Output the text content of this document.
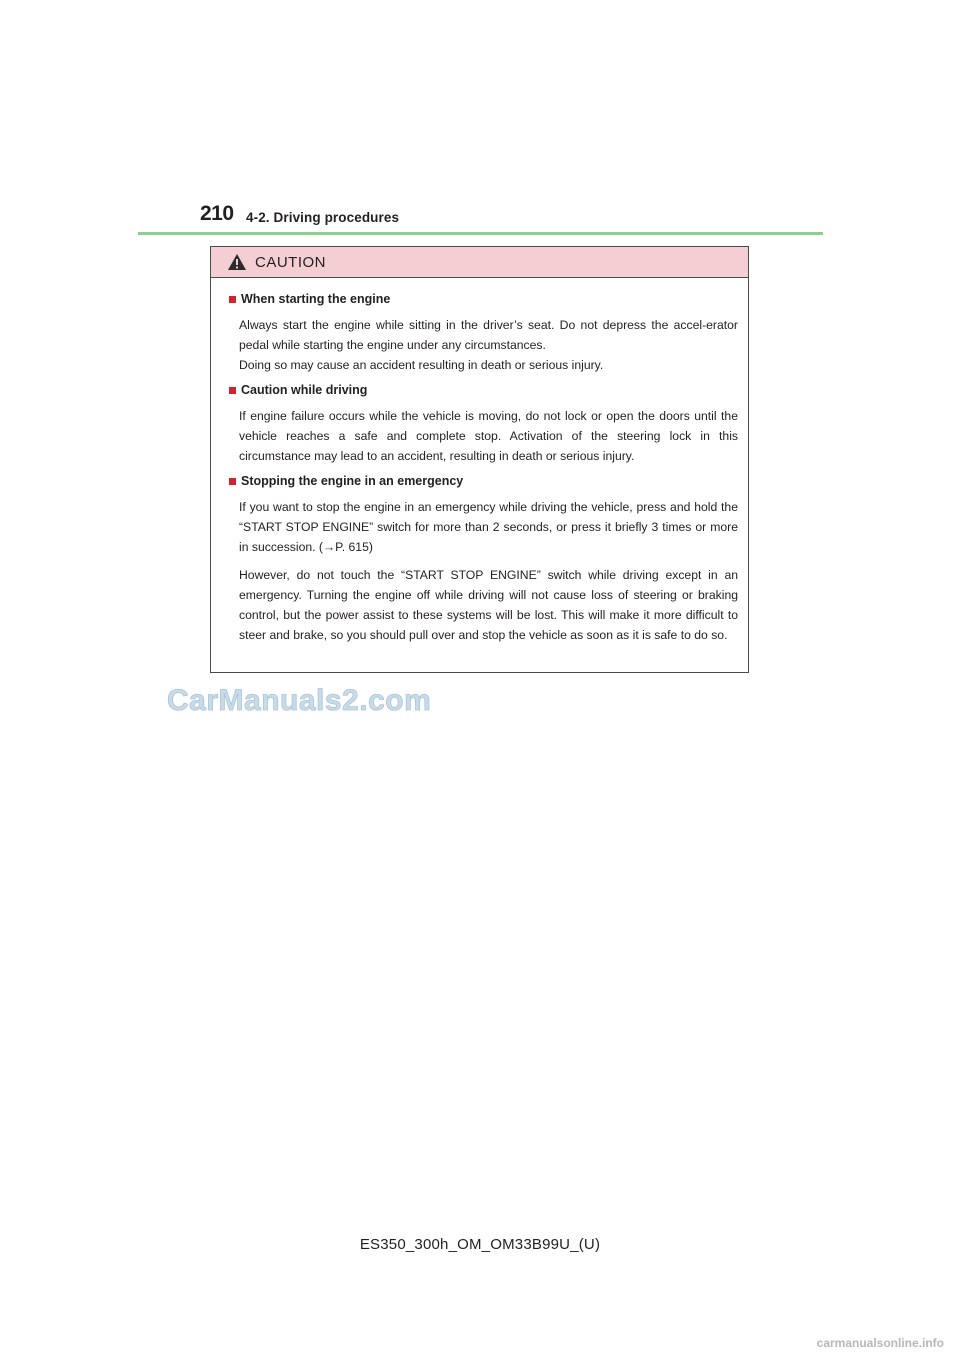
210 4-2. Driving procedures
CAUTION
When starting the engine

Always start the engine while sitting in the driver’s seat. Do not depress the accel-erator pedal while starting the engine under any circumstances.

Doing so may cause an accident resulting in death or serious injury.

Caution while driving

If engine failure occurs while the vehicle is moving, do not lock or open the doors until the vehicle reaches a safe and complete stop. Activation of the steering lock in this circumstance may lead to an accident, resulting in death or serious injury.

Stopping the engine in an emergency

If you want to stop the engine in an emergency while driving the vehicle, press and hold the “START STOP ENGINE” switch for more than 2 seconds, or press it briefly 3 times or more in succession. (→P. 615)

However, do not touch the “START STOP ENGINE” switch while driving except in an emergency. Turning the engine off while driving will not cause loss of steering or braking control, but the power assist to these systems will be lost. This will make it more difficult to steer and brake, so you should pull over and stop the vehicle as soon as it is safe to do so.

CarManuals2.com
ES350_300h_OM_OM33B99U_(U)
carmanualsonline.info
